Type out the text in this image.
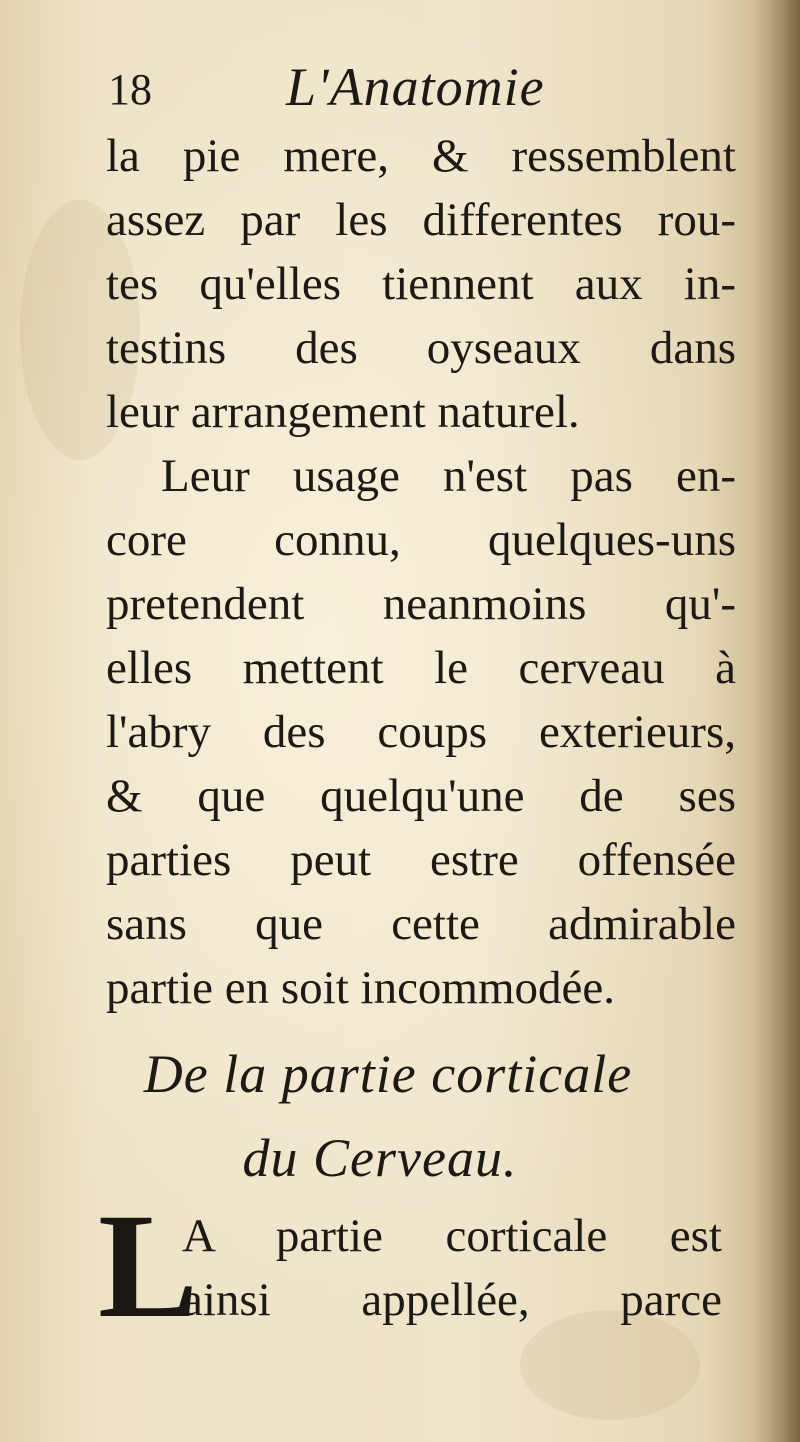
18 L'Anatomie
la pie mere, & ressemblent
assez par les differentes rou-
tes qu'elles tiennent aux in-
testins des oyseaux dans
leur arrangement naturel.
Leur usage n'est pas en-
core connu, quelques-uns
pretendent neanmoins qu'-
elles mettent le cerveau à
l'abry des coups exterieurs,
& que quelqu'une de ses
parties peut estre offensée
sans que cette admirable
partie en soit incommodée.
De la partie corticale
du Cerveau.
L
A partie corticale est
ainsi appellée, parce
